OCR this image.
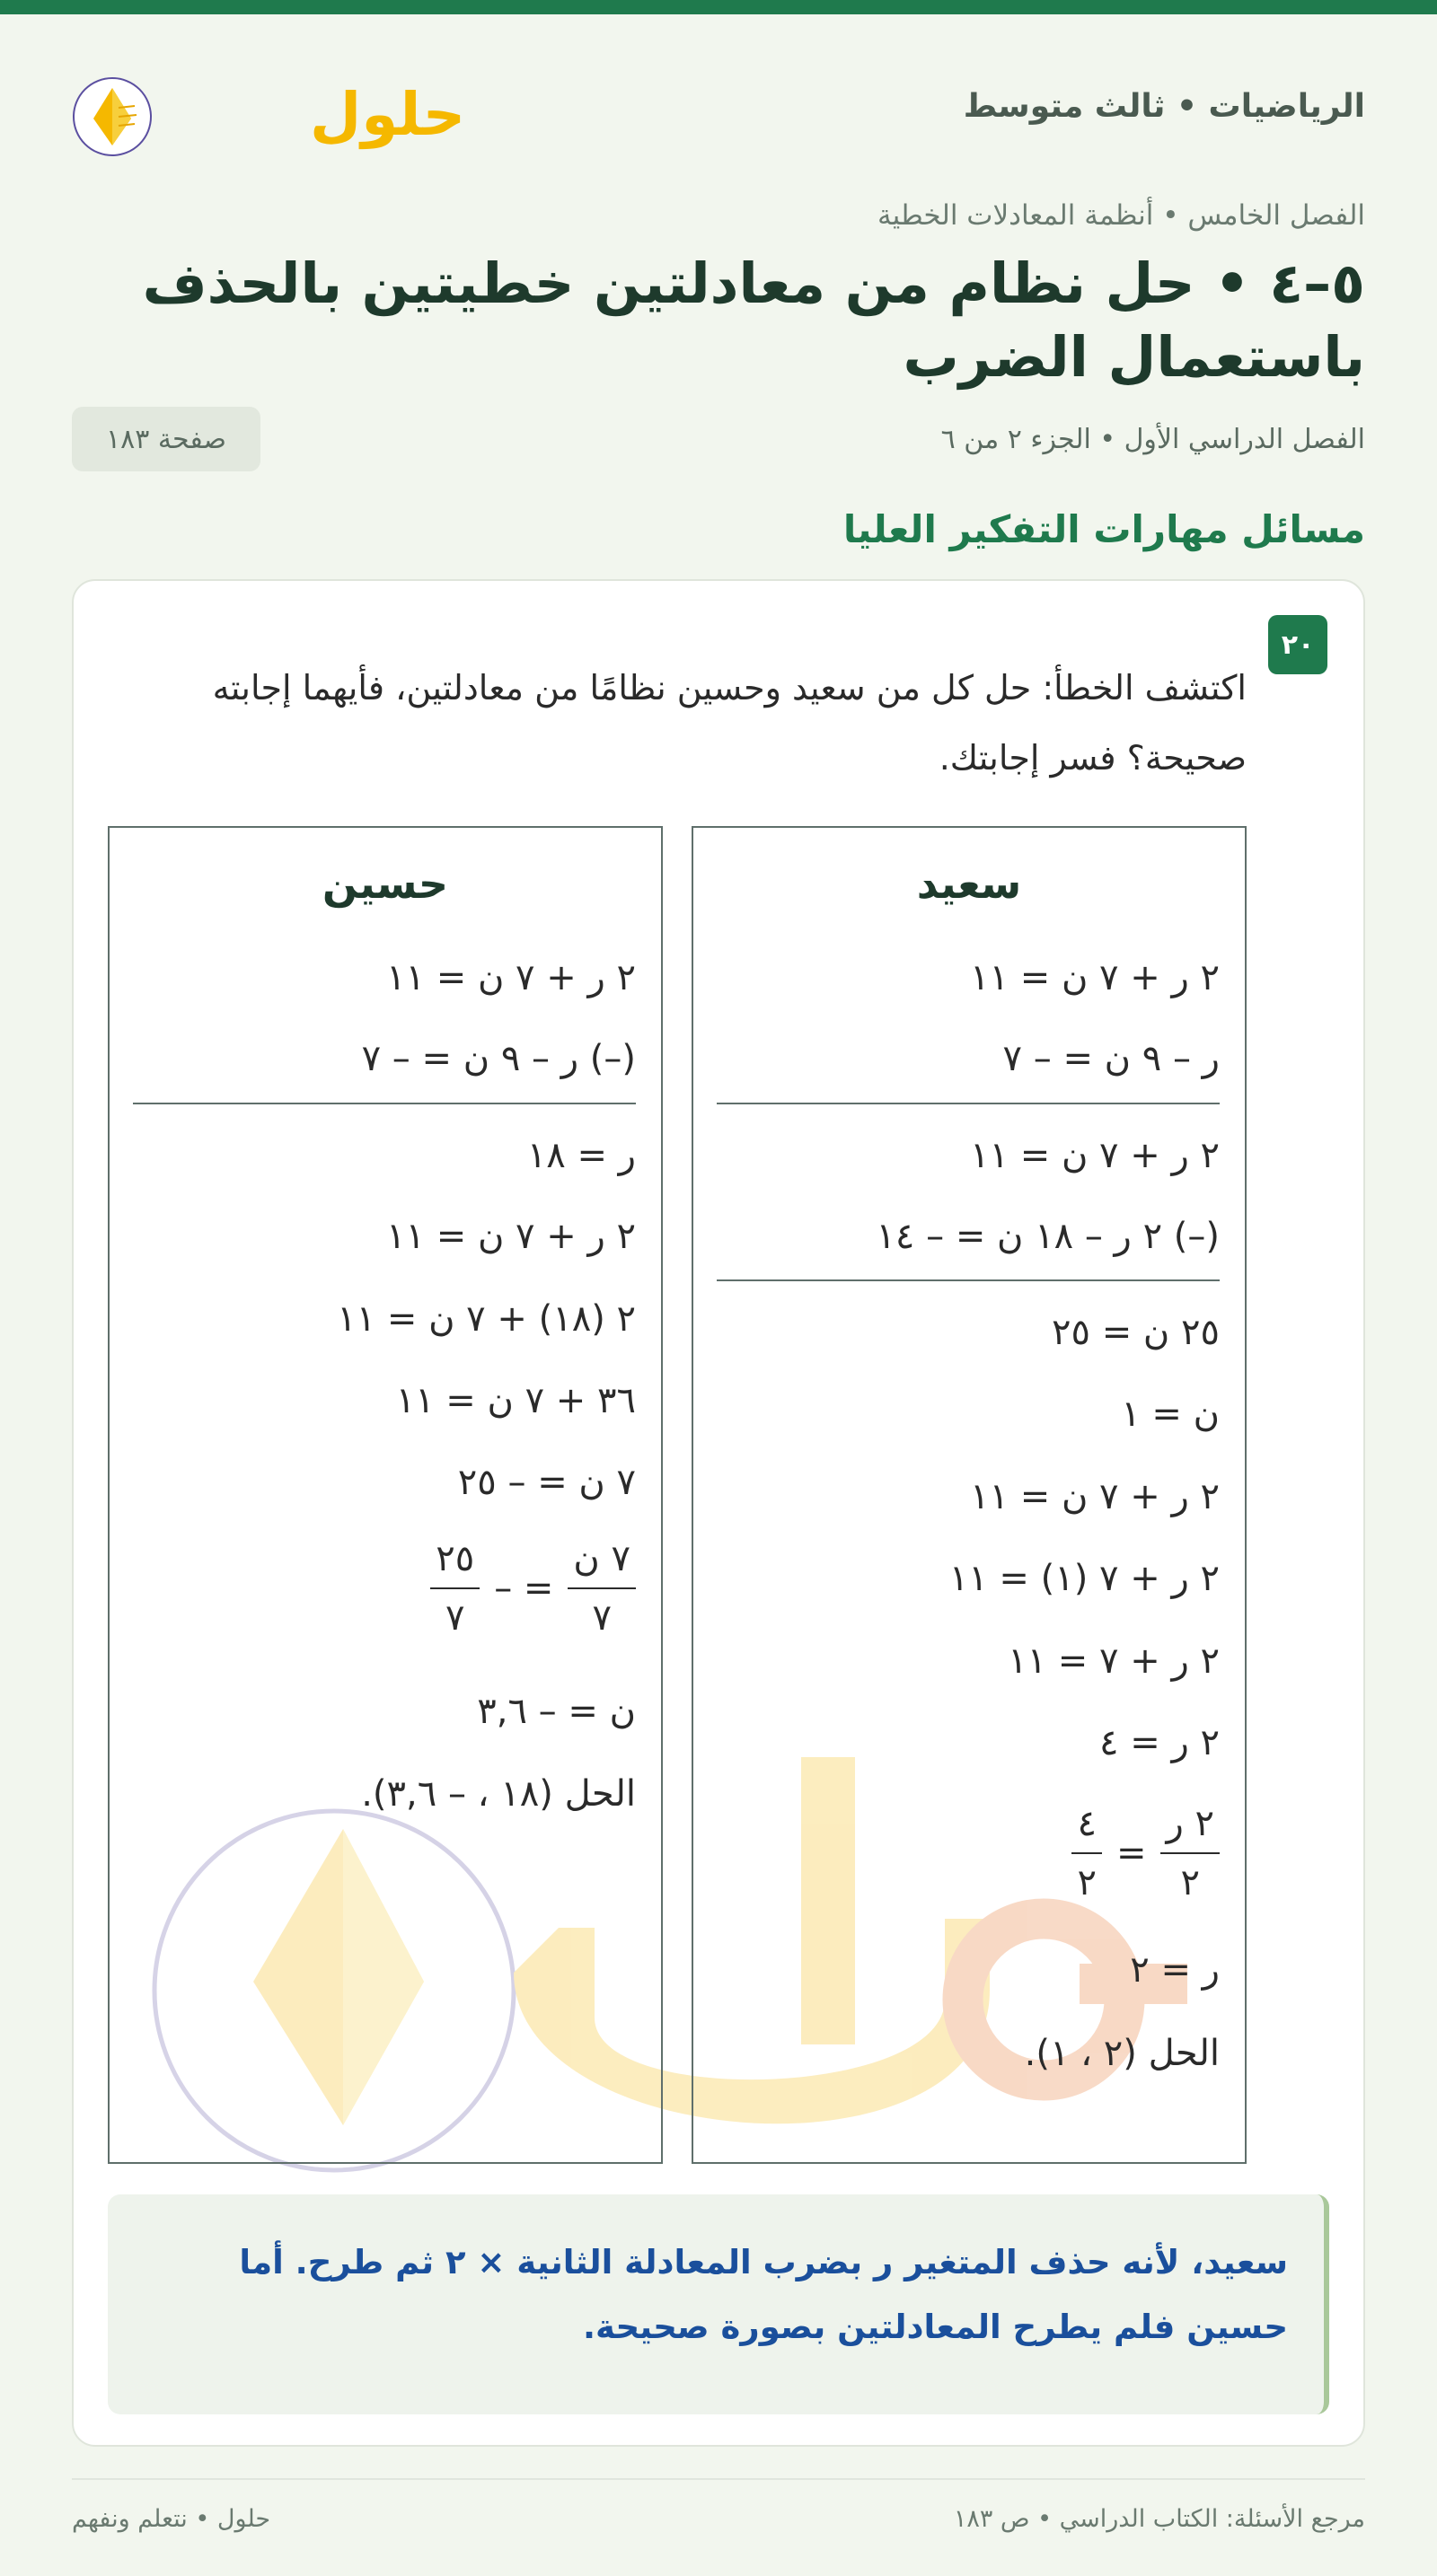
الرياضيات • ثالث متوسط
حلول
الفصل الخامس • أنظمة المعادلات الخطية
٥–٤ • حل نظام من معادلتين خطيتين بالحذف باستعمال الضرب
الفصل الدراسي الأول • الجزء ٢ من ٦
صفحة ١٨٣
مسائل مهارات التفكير العليا
٢٠
اكتشف الخطأ: حل كل من سعيد وحسين نظامًا من معادلتين، فأيهما إجابته صحيحة؟ فسر إجابتك.
سعيد
٢ ر + ٧ ن = ١١
ر – ٩ ن = – ٧
٢ ر + ٧ ن = ١١
(–) ٢ ر – ١٨ ن = – ١٤
٢٥ ن = ٢٥
ن = ١
٢ ر + ٧ ن = ١١
٢ ر + ٧ (١) = ١١
٢ ر + ٧ = ١١
٢ ر = ٤
$\frac{\text{٢ ر}}{٢}$
=
$\frac{٤}{٢}$
ر = ٢
الحل (٢ ، ١).
حسين
٢ ر + ٧ ن = ١١
(–) ر – ٩ ن = – ٧
ر = ١٨
٢ ر + ٧ ن = ١١
٢ (١٨) + ٧ ن = ١١
٣٦ + ٧ ن = ١١
٧ ن = – ٢٥
$\frac{\text{٧ ن}}{٧}$
= –
$\frac{٢٥}{٧}$
ن = – ٣,٦
الحل (١٨ ، – ٣,٦).
سعيد، لأنه حذف المتغير ر بضرب المعادلة الثانية × ٢ ثم طرح. أما حسين فلم يطرح المعادلتين بصورة صحيحة.
مرجع الأسئلة: الكتاب الدراسي • ص ١٨٣
حلول • نتعلم ونفهم
